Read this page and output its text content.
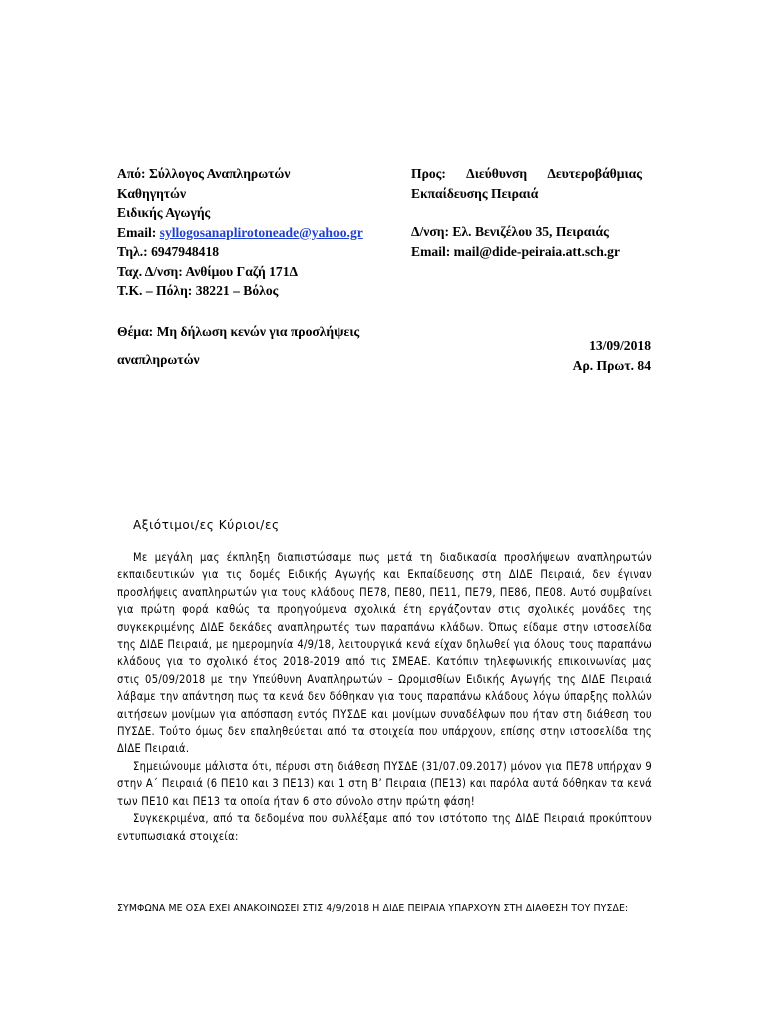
Από: Σύλλογος Αναπληρωτών
Καθηγητών
Ειδικής Αγωγής
Email: syllogosanaplirotoneade@yahoo.gr
Τηλ.: 6947948418
Ταχ. Δ/νση: Ανθίμου Γαζή 171Δ
Τ.Κ. – Πόλη: 38221 – Βόλος
Προς: Διεύθυνση Δευτεροβάθμιας
Εκπαίδευσης Πειραιά
Δ/νση: Ελ. Βενιζέλου 35, Πειραιάς
Email: mail@dide-peiraia.att.sch.gr
Θέμα: Μη δήλωση κενών για προσλήψεις
αναπληρωτών
13/09/2018
Αρ. Πρωτ. 84
Αξιότιμοι/ες Κύριοι/ες

Με μεγάλη μας έκπληξη διαπιστώσαμε πως μετά τη διαδικασία προσλήψεων αναπληρωτών εκπαιδευτικών για τις δομές Ειδικής Αγωγής και Εκπαίδευσης στη ΔΙΔΕ Πειραιά, δεν έγιναν προσλήψεις αναπληρωτών για τους κλάδους ΠΕ78, ΠΕ80, ΠΕ11, ΠΕ79, ΠΕ86, ΠΕ08. Αυτό συμβαίνει για πρώτη φορά καθώς τα προηγούμενα σχολικά έτη εργάζονταν στις σχολικές μονάδες της συγκεκριμένης ΔΙΔΕ δεκάδες αναπληρωτές των παραπάνω κλάδων. Όπως είδαμε στην ιστοσελίδα της ΔΙΔΕ Πειραιά, με ημερομηνία 4/9/18, λειτουργικά κενά είχαν δηλωθεί για όλους τους παραπάνω κλάδους για το σχολικό έτος 2018-2019 από τις ΣΜΕΑΕ. Κατόπιν τηλεφωνικής επικοινωνίας μας στις 05/09/2018 με την Υπεύθυνη Αναπληρωτών – Ωρομισθίων Ειδικής Αγωγής της ΔΙΔΕ Πειραιά λάβαμε την απάντηση πως τα κενά δεν δόθηκαν για τους παραπάνω κλάδους λόγω ύπαρξης πολλών αιτήσεων μονίμων για απόσπαση εντός ΠΥΣΔΕ και μονίμων συναδέλφων που ήταν στη διάθεση του ΠΥΣΔΕ. Τούτο όμως δεν επαληθεύεται από τα στοιχεία που υπάρχουν, επίσης στην ιστοσελίδα της ΔΙΔΕ Πειραιά.

Σημειώνουμε μάλιστα ότι, πέρυσι στη διάθεση ΠΥΣΔΕ (31/07.09.2017) μόνον για ΠΕ78 υπήρχαν 9 στην Α΄ Πειραιά (6 ΠΕ10 και 3 ΠΕ13) και 1 στη Β’ Πειραια (ΠΕ13) και παρόλα αυτά δόθηκαν τα κενά των ΠΕ10 και ΠΕ13 τα οποία ήταν 6 στο σύνολο στην πρώτη φάση!

Συγκεκριμένα, από τα δεδομένα που συλλέξαμε από τον ιστότοπο της ΔΙΔΕ Πειραιά προκύπτουν εντυπωσιακά στοιχεία:

ΣΥΜΦΩΝΑ ΜΕ ΟΣΑ ΕΧΕΙ ΑΝΑΚΟΙΝΩΣΕΙ ΣΤΙΣ 4/9/2018 Η ΔΙΔΕ ΠΕΙΡΑΙΑ ΥΠΑΡΧΟΥΝ ΣΤΗ ΔΙΑΘΕΣΗ ΤΟΥ ΠΥΣΔΕ:
